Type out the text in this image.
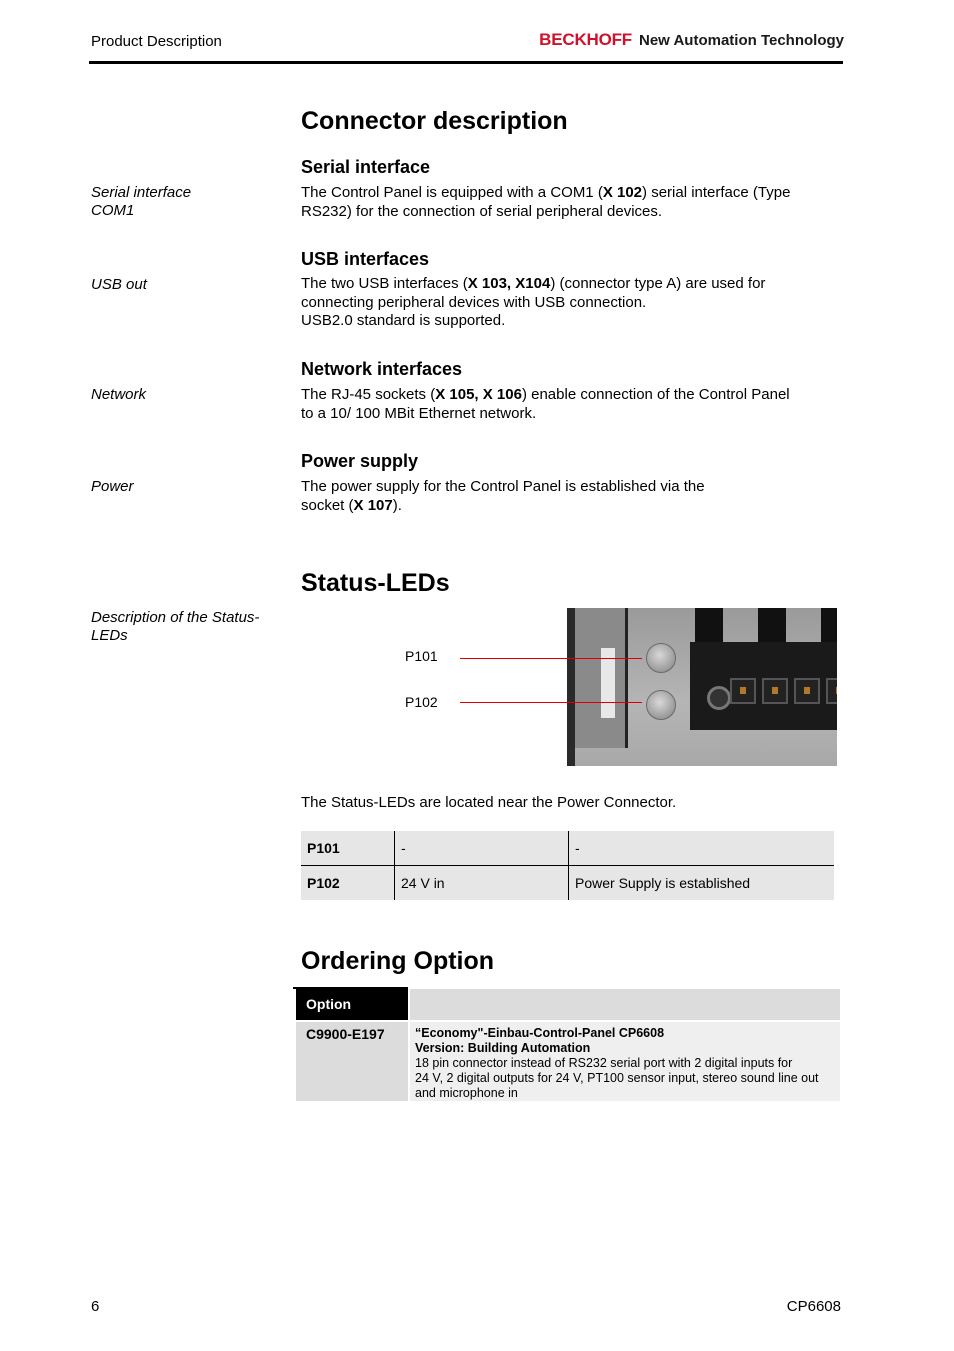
Product Description	BECKHOFF New Automation Technology
Connector description
Serial interface
Serial interface
COM1
The Control Panel is equipped with a COM1 (X 102) serial interface (Type
RS232) for the connection of serial peripheral devices.
USB interfaces
USB out	The two USB interfaces (X 103, X104) (connector type A) are used for
connecting peripheral devices with USB connection.
USB2.0 standard is supported.
Network interfaces
Network	The RJ-45 sockets (X 105, X 106) enable connection of the Control Panel
to a 10/ 100 MBit Ethernet network.
Power supply
Power	The power supply for the Control Panel is established via the
socket (X 107).
Status-LEDs
Description of the Status-
LEDs
P101
P102
The Status-LEDs are located near the Power Connector.
P101	-	-
P102	24 V in	Power Supply is established
Ordering Option
Option
C9900-E197	“Economy"-Einbau-Control-Panel CP6608
Version: Building Automation
18 pin connector instead of RS232 serial port with 2 digital inputs for
24 V, 2 digital outputs for 24 V, PT100 sensor input, stereo sound line out
and microphone in
6	CP6608
